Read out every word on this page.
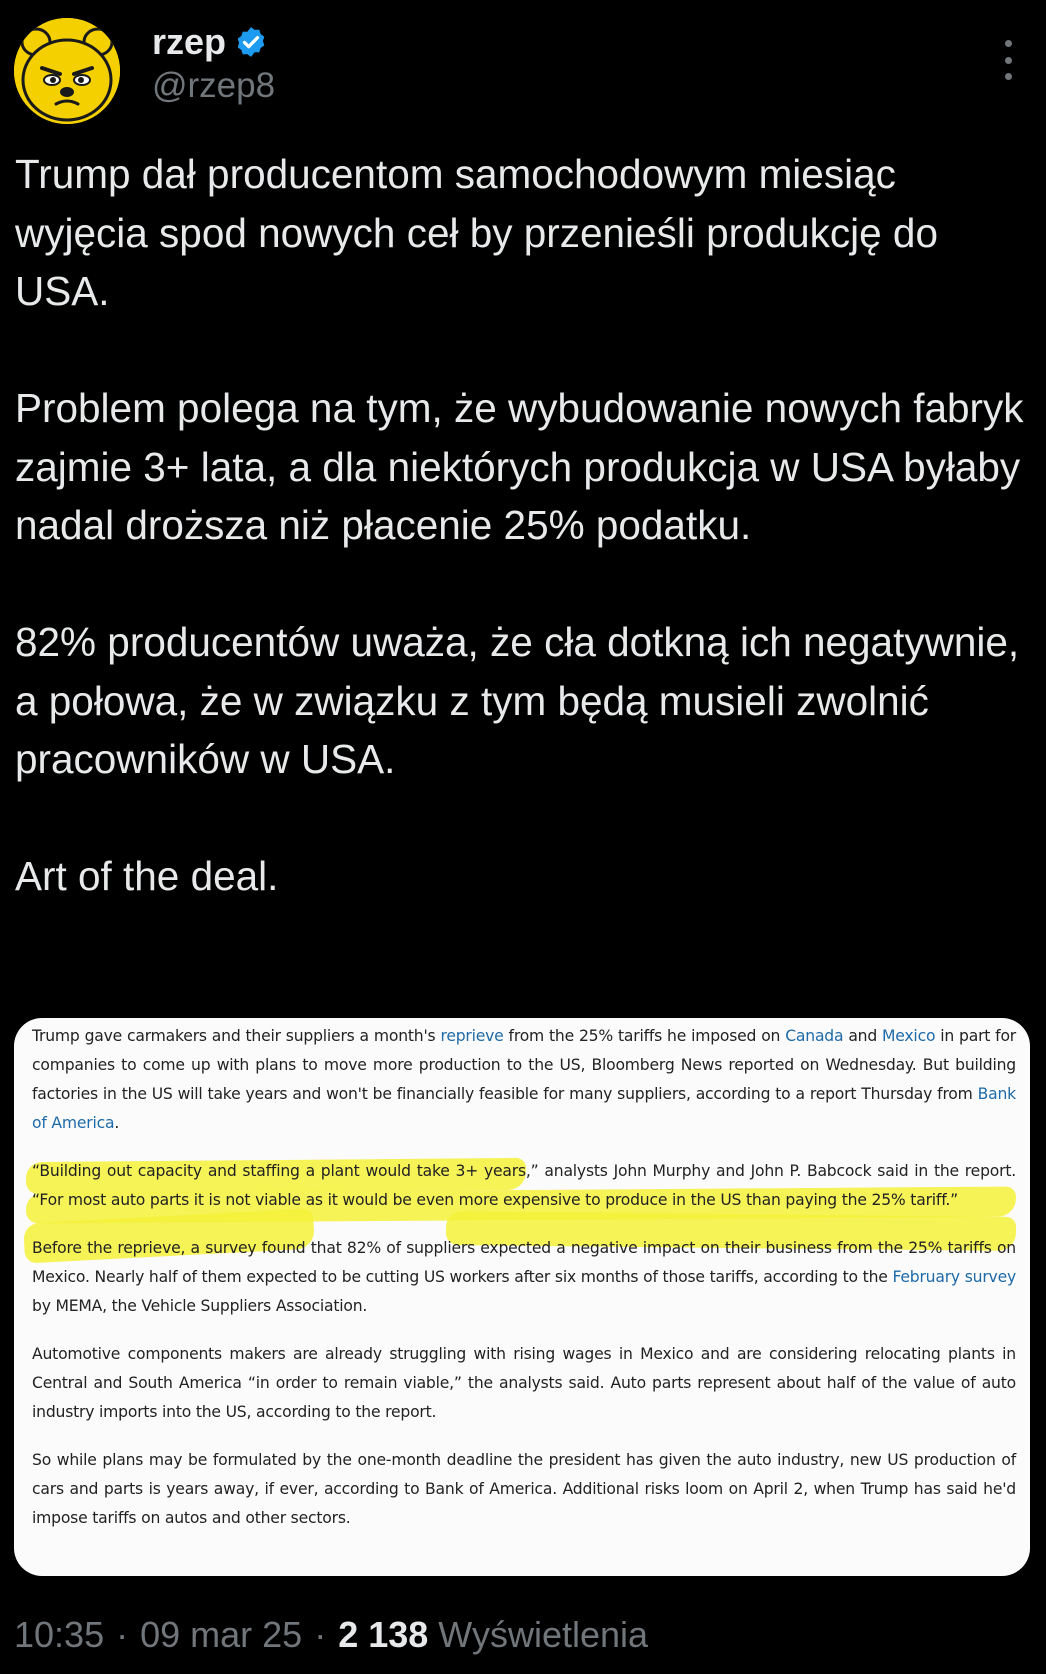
rzep
@rzep8

Trump dał producentom samochodowym miesiąc wyjęcia spod nowych ceł by przenieśli produkcję do USA.

Problem polega na tym, że wybudowanie nowych fabryk zajmie 3+ lata, a dla niektórych produkcja w USA byłaby nadal droższa niż płacenie 25% podatku.

82% producentów uważa, że cła dotkną ich negatywnie, a połowa, że w związku z tym będą musieli zwolnić pracowników w USA.

Art of the deal.

Trump gave carmakers and their suppliers a month's reprieve from the 25% tariffs he imposed on Canada and Mexico in part for companies to come up with plans to move more production to the US, Bloomberg News reported on Wednesday. But building factories in the US will take years and won't be financially feasible for many suppliers, according to a report Thursday from Bank of America.

“Building out capacity and staffing a plant would take 3+ years,” analysts John Murphy and John P. Babcock said in the report. “For most auto parts it is not viable as it would be even more expensive to produce in the US than paying the 25% tariff.”

Before the reprieve, a survey found that 82% of suppliers expected a negative impact on their business from the 25% tariffs on Mexico. Nearly half of them expected to be cutting US workers after six months of those tariffs, according to the February survey by MEMA, the Vehicle Suppliers Association.

Automotive components makers are already struggling with rising wages in Mexico and are considering relocating plants in Central and South America “in order to remain viable,” the analysts said. Auto parts represent about half of the value of auto industry imports into the US, according to the report.

So while plans may be formulated by the one-month deadline the president has given the auto industry, new US production of cars and parts is years away, if ever, according to Bank of America. Additional risks loom on April 2, when Trump has said he'd impose tariffs on autos and other sectors.

10:35 · 09 mar 25 · 2 138 Wyświetlenia
